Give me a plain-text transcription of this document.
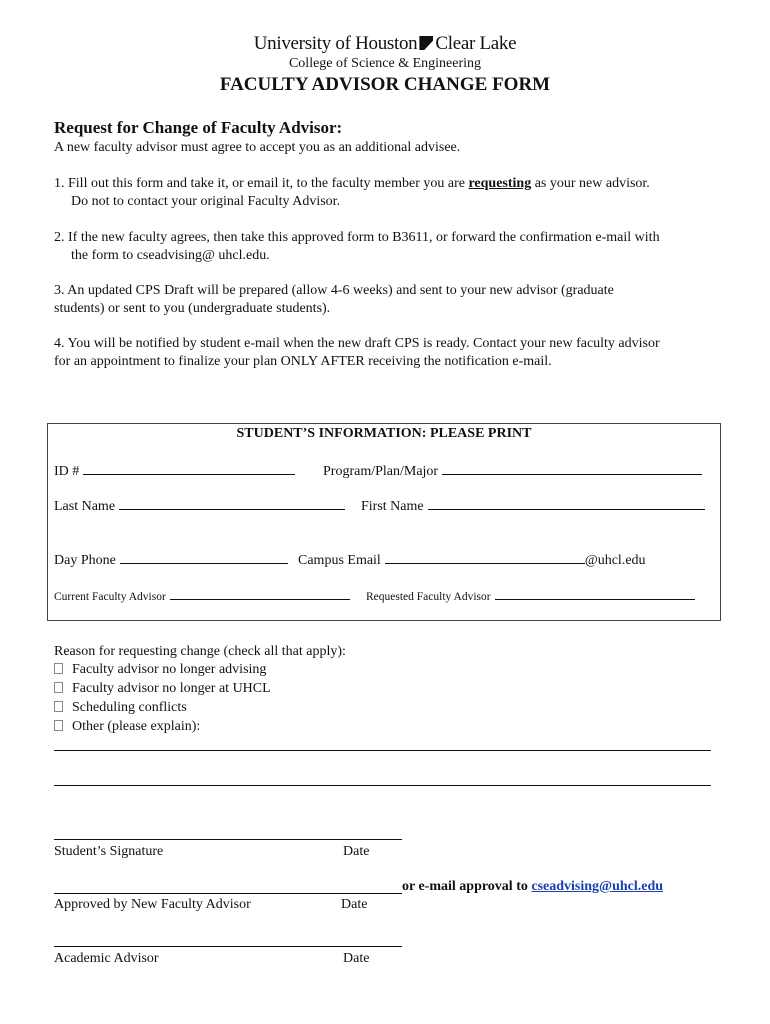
University of Houston Clear Lake
College of Science & Engineering
FACULTY ADVISOR CHANGE FORM
Request for Change of Faculty Advisor:
A new faculty advisor must agree to accept you as an additional advisee.
1. Fill out this form and take it, or email it, to the faculty member you are requesting as your new advisor.
Do not to contact your original Faculty Advisor.
2. If the new faculty agrees, then take this approved form to B3611, or forward the confirmation e-mail with
the form to cseadvising@ uhcl.edu.
3. An updated CPS Draft will be prepared (allow 4-6 weeks) and sent to your new advisor (graduate
students) or sent to you (undergraduate students).
4. You will be notified by student e-mail when the new draft CPS is ready. Contact your new faculty advisor
for an appointment to finalize your plan ONLY AFTER receiving the notification e-mail.
STUDENT’S INFORMATION: PLEASE PRINT
ID #	Program/Plan/Major
Last Name	First Name
Day Phone	Campus Email	@uhcl.edu
Current Faculty Advisor	Requested Faculty Advisor
Reason for requesting change (check all that apply):
Faculty advisor no longer advising
Faculty advisor no longer at UHCL
Scheduling conflicts
Other (please explain):
Student’s Signature	Date
or e-mail approval to cseadvising@uhcl.edu
Approved by New Faculty Advisor	Date
Academic Advisor	Date
